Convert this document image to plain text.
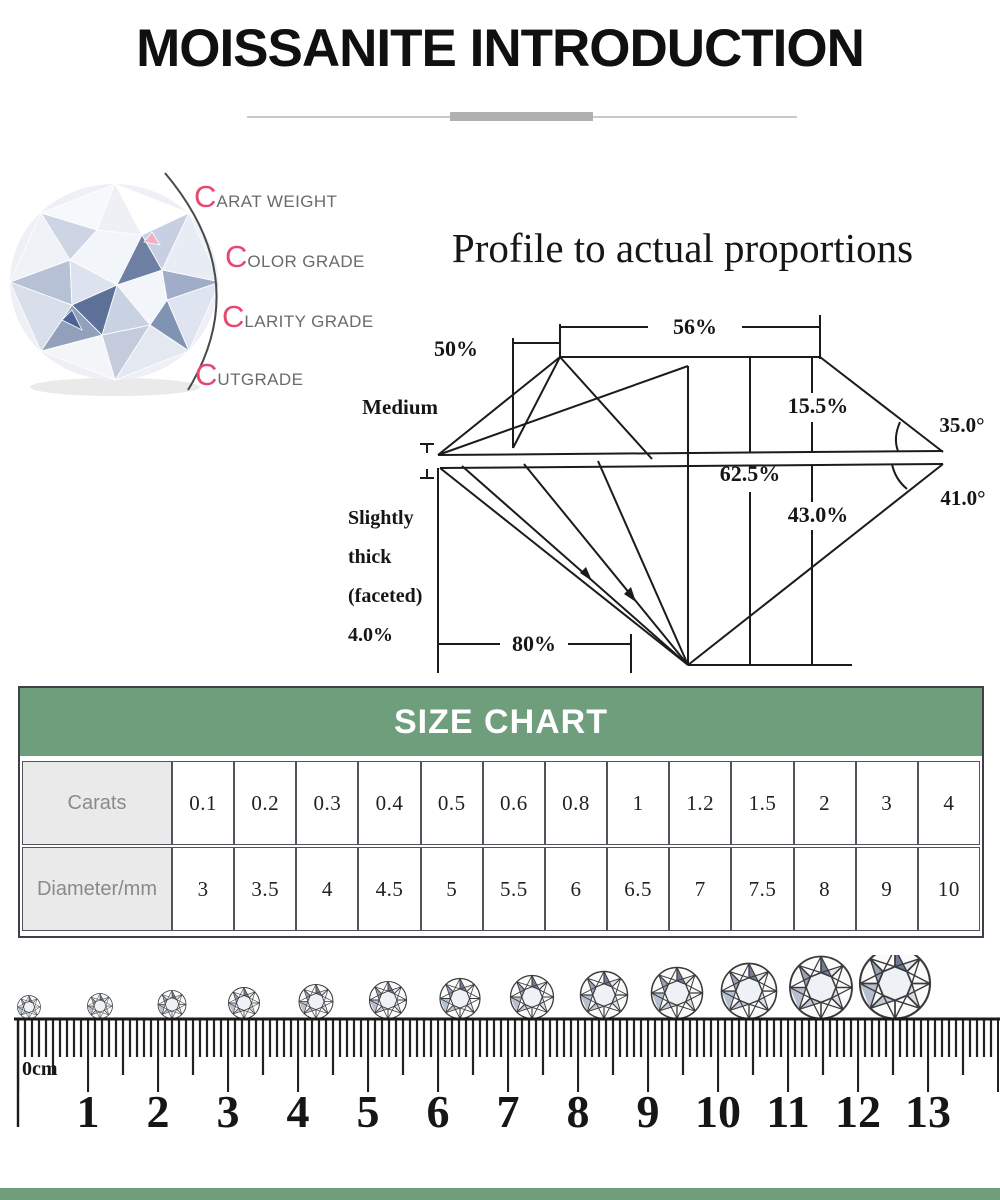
MOISSANITE INTRODUCTION
C ARAT WEIGHT
C OLOR GRADE
C LARITY GRADE
C UTGRADE
Profile to actual proportions
56%
50%
Medium
Slightly
thick
(faceted)
4.0%	80%
62.5%
15.5%
43.0%
35.0°
41.0°
SIZE CHART
Carats	0.1	0.2	0.3	0.4	0.5	0.6	0.8	1	1.2	1.5	2	3	4
Diameter/mm	3	3.5	4	4.5	5	5.5	6	6.5	7	7.5	8	9	10
0cm
1 2 3 4 5 6 7 8 9 10 11 12 13
